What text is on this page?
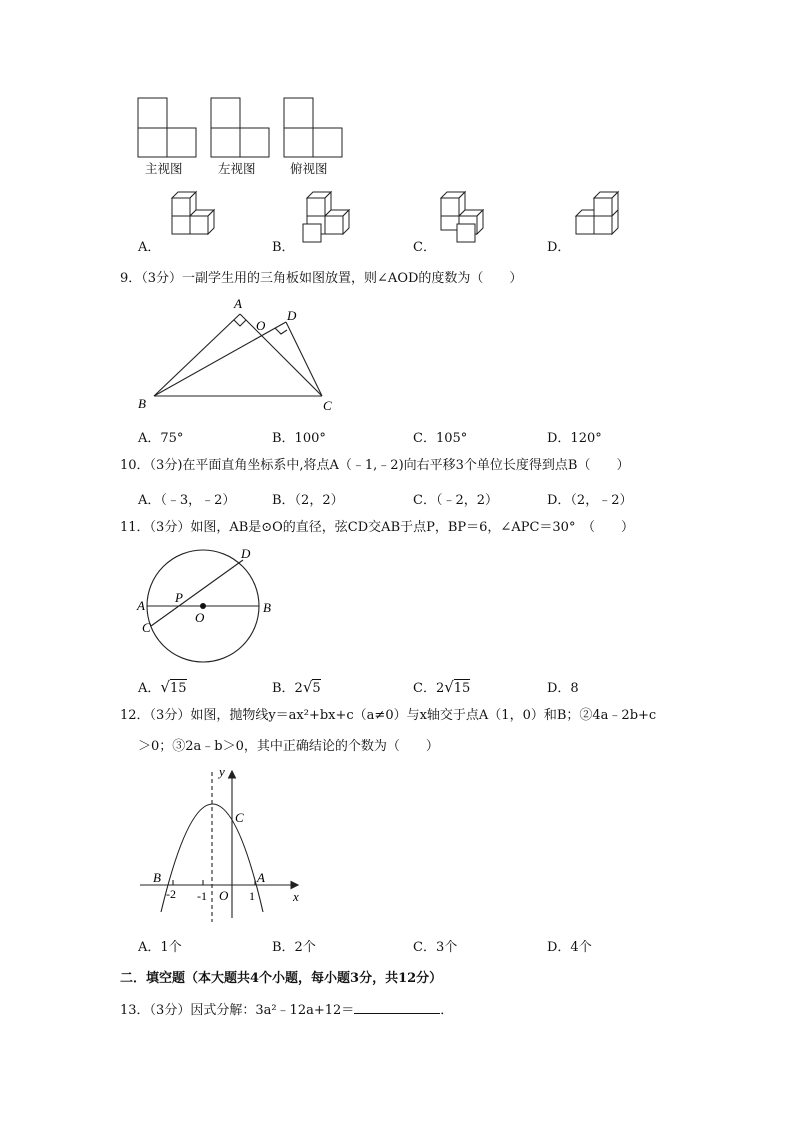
主视图	左视图	俯视图
A．	B．	C．	D．
9．（3分）一副学生用的三角板如图放置，则∠AOD的度数为（　　）
A
D
O
B	C
A．75°	B．100°	C．105°	D．120°
10．（3分)在平面直角坐标系中,将点A（﹣1,﹣2)向右平移3个单位长度得到点B（　　）
A．（﹣3，﹣2）	B．（2，2）	C．（﹣2，2）	D．（2，﹣2）
11．（3分）如图，AB是⊙O的直径，弦CD交AB于点P，BP＝6，∠APC＝30°　（　　）
A	B
D
C
P
O
A．√15	B．2√5	C．2√15	D．8
12．（3分）如图，抛物线y＝ax²+bx+c（a≠0）与x轴交于点A（1，0）和B；②4a﹣2b+c
＞0；③2a﹣b＞0，其中正确结论的个数为（　　）
y
x
C
B	A
O
-2 -1	1
A．1个	B．2个	C．3个	D．4个
二．填空题（本大题共4个小题，每小题3分，共12分）
13．（3分）因式分解：3a²﹣12a+12＝	．
